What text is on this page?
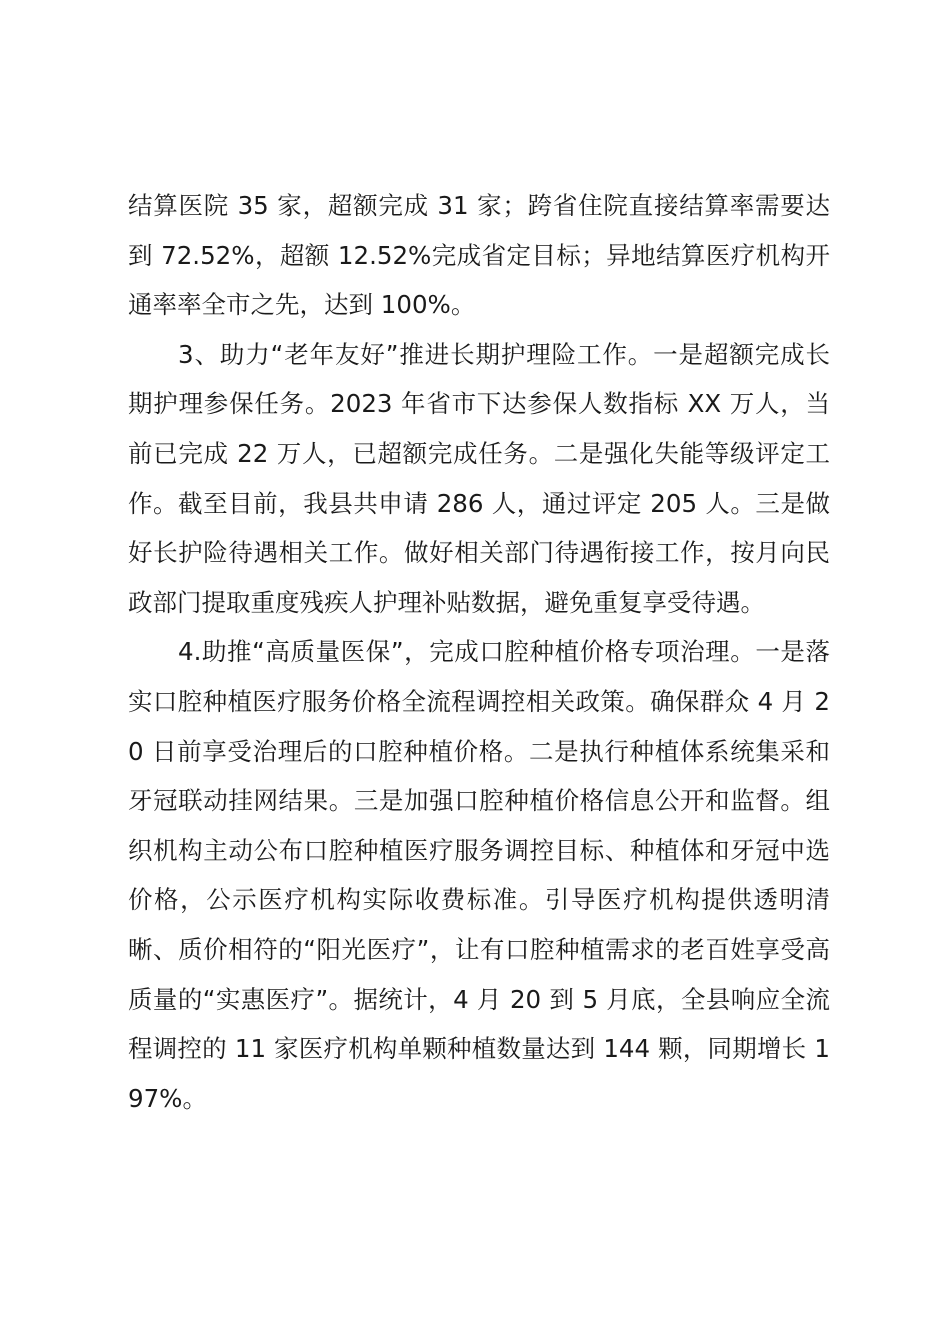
结算医院 35 家，超额完成 31 家；跨省住院直接结算率需要达到 72.52%，超额 12.52%完成省定目标；异地结算医疗机构开通率率全市之先，达到 100%。

3、助力“老年友好”推进长期护理险工作。一是超额完成长期护理参保任务。2023 年省市下达参保人数指标 XX 万人，当前已完成 22 万人，已超额完成任务。二是强化失能等级评定工作。截至目前，我县共申请 286 人，通过评定 205 人。三是做好长护险待遇相关工作。做好相关部门待遇衔接工作，按月向民政部门提取重度残疾人护理补贴数据，避免重复享受待遇。

4.助推“高质量医保”，完成口腔种植价格专项治理。一是落实口腔种植医疗服务价格全流程调控相关政策。确保群众 4 月 20 日前享受治理后的口腔种植价格。二是执行种植体系统集采和牙冠联动挂网结果。三是加强口腔种植价格信息公开和监督。组织机构主动公布口腔种植医疗服务调控目标、种植体和牙冠中选价格，公示医疗机构实际收费标准。引导医疗机构提供透明清晰、质价相符的“阳光医疗”，让有口腔种植需求的老百姓享受高质量的“实惠医疗”。据统计，4 月 20 到 5 月底，全县响应全流程调控的 11 家医疗机构单颗种植数量达到 144 颗，同期增长 197%。
